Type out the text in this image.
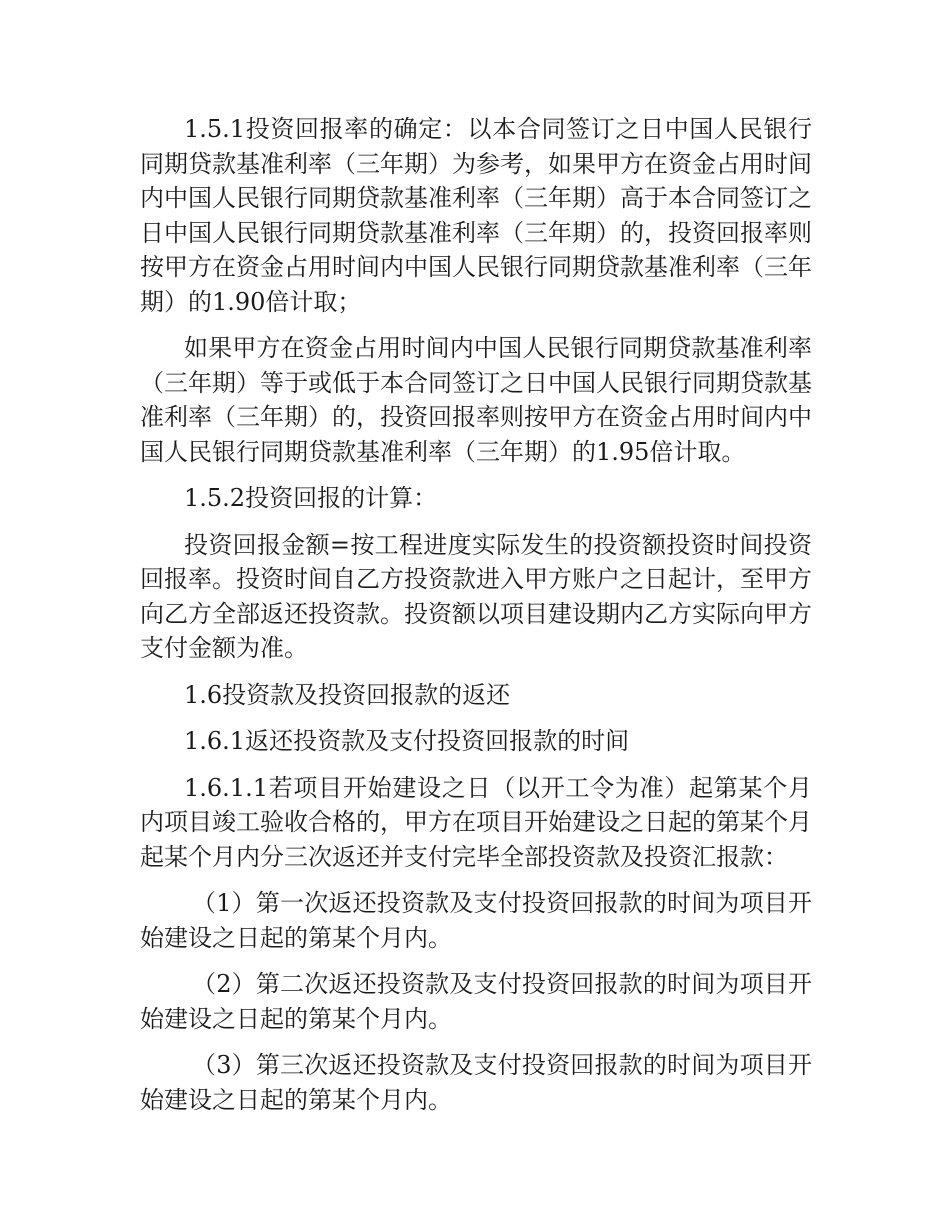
1.5.1投资回报率的确定：以本合同签订之日中国人民银行同期贷款基准利率（三年期）为参考，如果甲方在资金占用时间内中国人民银行同期贷款基准利率（三年期）高于本合同签订之日中国人民银行同期贷款基准利率（三年期）的，投资回报率则按甲方在资金占用时间内中国人民银行同期贷款基准利率（三年期）的1.90倍计取；

如果甲方在资金占用时间内中国人民银行同期贷款基准利率（三年期）等于或低于本合同签订之日中国人民银行同期贷款基准利率（三年期）的，投资回报率则按甲方在资金占用时间内中国人民银行同期贷款基准利率（三年期）的1.95倍计取。

1.5.2投资回报的计算：

投资回报金额=按工程进度实际发生的投资额投资时间投资回报率。投资时间自乙方投资款进入甲方账户之日起计，至甲方向乙方全部返还投资款。投资额以项目建设期内乙方实际向甲方支付金额为准。

1.6投资款及投资回报款的返还

1.6.1返还投资款及支付投资回报款的时间

1.6.1.1若项目开始建设之日（以开工令为准）起第某个月内项目竣工验收合格的，甲方在项目开始建设之日起的第某个月起某个月内分三次返还并支付完毕全部投资款及投资汇报款：

（1）第一次返还投资款及支付投资回报款的时间为项目开始建设之日起的第某个月内。

（2）第二次返还投资款及支付投资回报款的时间为项目开始建设之日起的第某个月内。

（3）第三次返还投资款及支付投资回报款的时间为项目开始建设之日起的第某个月内。
